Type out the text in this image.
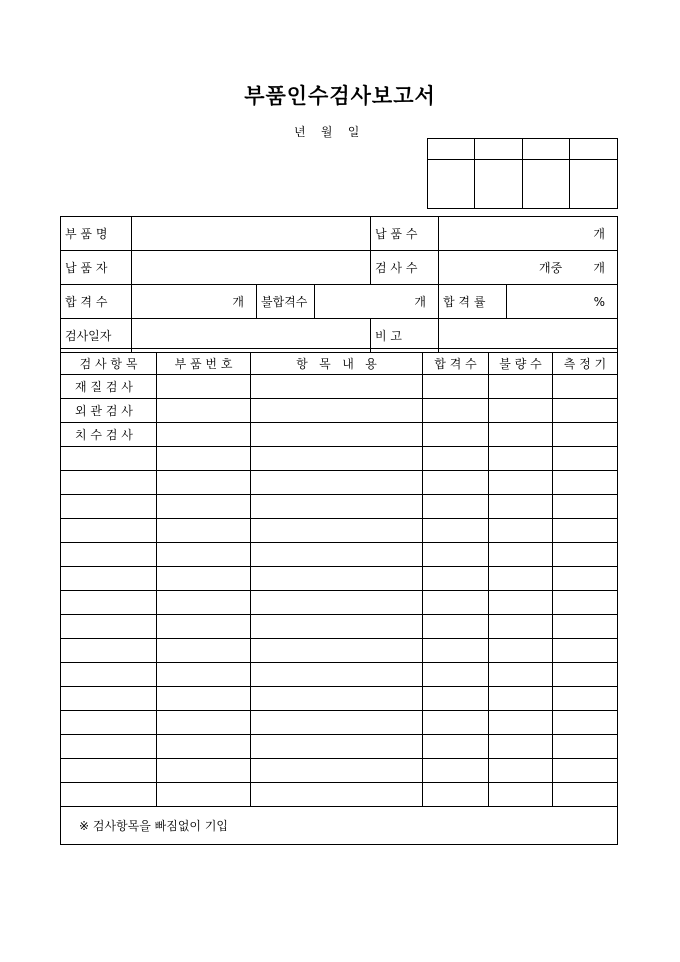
부품인수검사보고서
년    월    일

부 품 명				납 품 수	개	
납 품 자				검 사 수	개중 개	

합 격 수	개	불합격수	개		합 격 률	%
검사일자				비 고		
검 사 항 목	부 품 번 호	항   목   내   용	합 격 수	불 량 수	측 정 기
재 질 검 사					
외 관 검 사					
치 수 검 사					

※ 검사항목을 빠짐없이 기입					
